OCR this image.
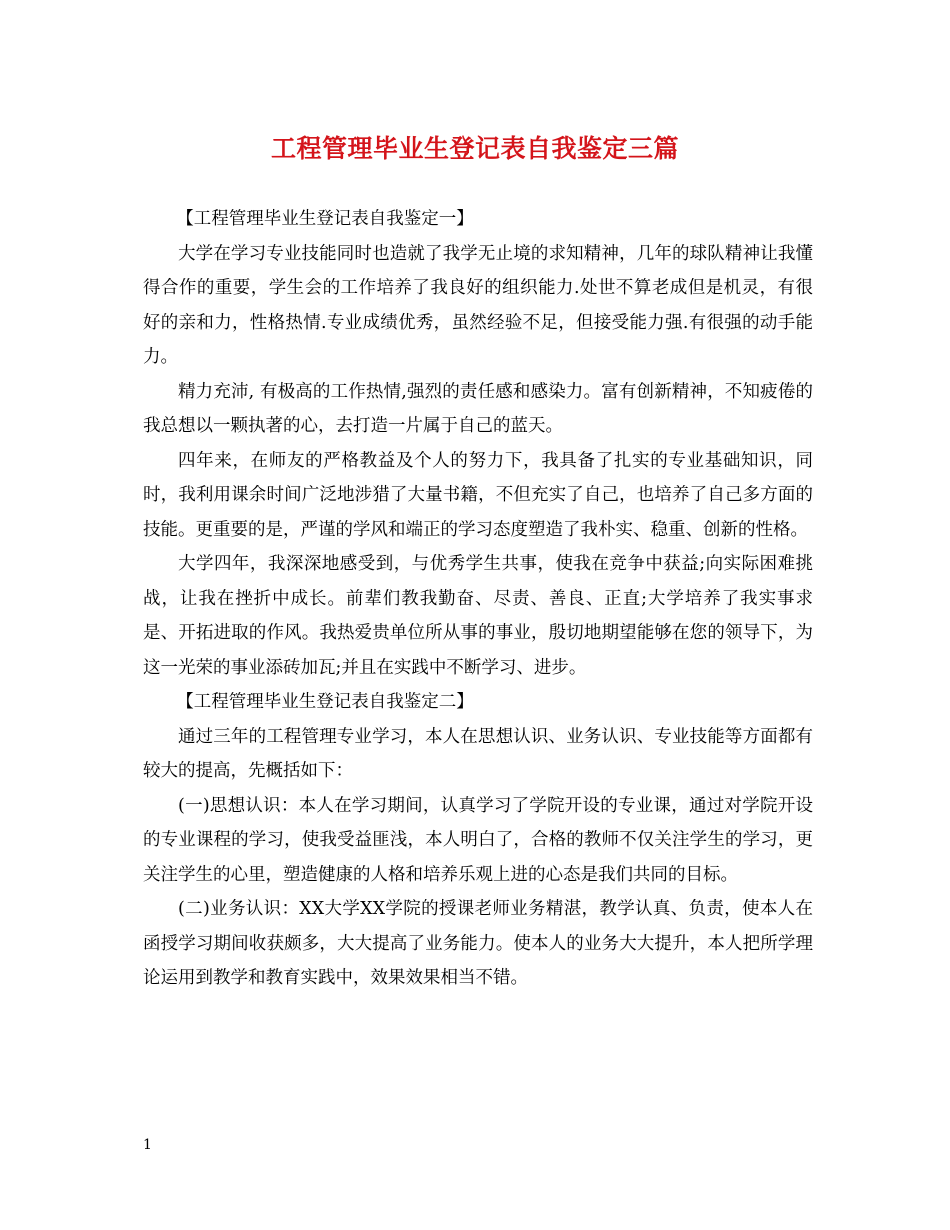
工程管理毕业生登记表自我鉴定三篇

【工程管理毕业生登记表自我鉴定一】

大学在学习专业技能同时也造就了我学无止境的求知精神，几年的球队精神让我懂得合作的重要，学生会的工作培养了我良好的组织能力.处世不算老成但是机灵，有很好的亲和力，性格热情.专业成绩优秀，虽然经验不足，但接受能力强.有很强的动手能力。

精力充沛, 有极高的工作热情,强烈的责任感和感染力。富有创新精神，不知疲倦的我总想以一颗执著的心，去打造一片属于自己的蓝天。

四年来，在师友的严格教益及个人的努力下，我具备了扎实的专业基础知识，同时，我利用课余时间广泛地涉猎了大量书籍，不但充实了自己，也培养了自己多方面的技能。更重要的是，严谨的学风和端正的学习态度塑造了我朴实、稳重、创新的性格。

大学四年，我深深地感受到，与优秀学生共事，使我在竞争中获益;向实际困难挑战，让我在挫折中成长。前辈们教我勤奋、尽责、善良、正直;大学培养了我实事求是、开拓进取的作风。我热爱贵单位所从事的事业，殷切地期望能够在您的领导下，为这一光荣的事业添砖加瓦;并且在实践中不断学习、进步。

【工程管理毕业生登记表自我鉴定二】

通过三年的工程管理专业学习，本人在思想认识、业务认识、专业技能等方面都有较大的提高，先概括如下：

(一)思想认识：本人在学习期间，认真学习了学院开设的专业课，通过对学院开设的专业课程的学习，使我受益匪浅，本人明白了，合格的教师不仅关注学生的学习，更关注学生的心里，塑造健康的人格和培养乐观上进的心态是我们共同的目标。

(二)业务认识：XX大学XX学院的授课老师业务精湛，教学认真、负责，使本人在函授学习期间收获颇多，大大提高了业务能力。使本人的业务大大提升，本人把所学理论运用到教学和教育实践中，效果效果相当不错。

1
